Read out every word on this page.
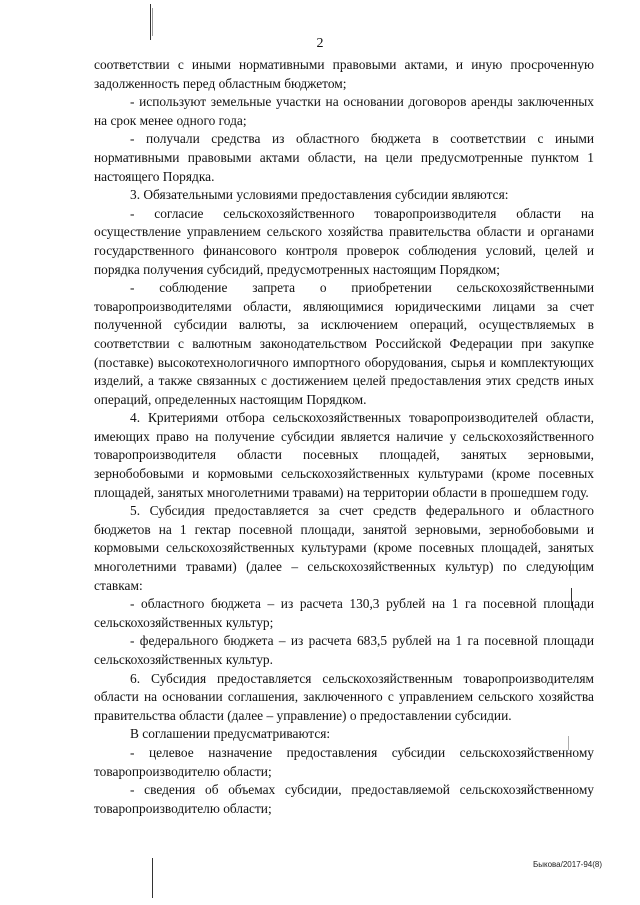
2

соответствии с иными нормативными правовыми актами, и иную просроченную задолженность перед областным бюджетом;

- используют земельные участки на основании договоров аренды заключенных на срок менее одного года;

- получали средства из областного бюджета в соответствии с иными нормативными правовыми актами области, на цели предусмотренные пунктом 1 настоящего Порядка.

3. Обязательными условиями предоставления субсидии являются:

- согласие сельскохозяйственного товаропроизводителя области на осуществление управлением сельского хозяйства правительства области и органами государственного финансового контроля проверок соблюдения условий, целей и порядка получения субсидий, предусмотренных настоящим Порядком;

- соблюдение запрета о приобретении сельскохозяйственными товаропроизводителями области, являющимися юридическими лицами за счет полученной субсидии валюты, за исключением операций, осуществляемых в соответствии с валютным законодательством Российской Федерации при закупке (поставке) высокотехнологичного импортного оборудования, сырья и комплектующих изделий, а также связанных с достижением целей предоставления этих средств иных операций, определенных настоящим Порядком.

4. Критериями отбора сельскохозяйственных товаропроизводителей области, имеющих право на получение субсидии является наличие у сельскохозяйственного товаропроизводителя области посевных площадей, занятых зерновыми, зернобобовыми и кормовыми сельскохозяйственных культурами (кроме посевных площадей, занятых многолетними травами) на территории области в прошедшем году.

5. Субсидия предоставляется за счет средств федерального и областного бюджетов на 1 гектар посевной площади, занятой зерновыми, зернобобовыми и кормовыми сельскохозяйственных культурами (кроме посевных площадей, занятых многолетними травами) (далее – сельскохозяйственных культур) по следующим ставкам:

- областного бюджета – из расчета 130,3 рублей на 1 га посевной площади сельскохозяйственных культур;

- федерального бюджета – из расчета 683,5 рублей на 1 га посевной площади сельскохозяйственных культур.

6. Субсидия предоставляется сельскохозяйственным товаропроизводителям области на основании соглашения, заключенного с управлением сельского хозяйства правительства области (далее – управление) о предоставлении субсидии.

В соглашении предусматриваются:

- целевое назначение предоставления субсидии сельскохозяйственному товаропроизводителю области;

- сведения об объемах субсидии, предоставляемой сельскохозяйственному товаропроизводителю области;

Быкова/2017-94(8)
